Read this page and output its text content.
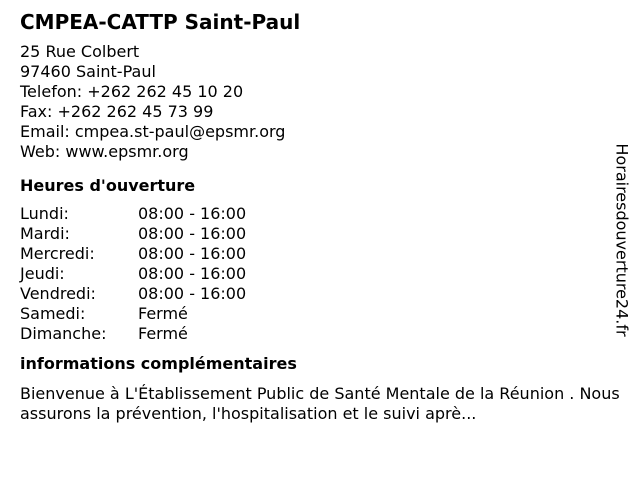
CMPEA-CATTP Saint-Paul
25 Rue Colbert
97460 Saint-Paul
Telefon: +262 262 45 10 20
Fax: +262 262 45 73 99
Email: cmpea.st-paul@epsmr.org
Web: www.epsmr.org
Heures d'ouverture
Lundi:	08:00 - 16:00
Mardi:	08:00 - 16:00
Mercredi:	08:00 - 16:00
Jeudi:	08:00 - 16:00
Vendredi:	08:00 - 16:00
Samedi:	Fermé
Dimanche:	Fermé
informations complémentaires
Bienvenue à L'Établissement Public de Santé Mentale de la Réunion . Nous assurons la prévention, l'hospitalisation et le suivi aprè...
Horairesdouverture24.fr
